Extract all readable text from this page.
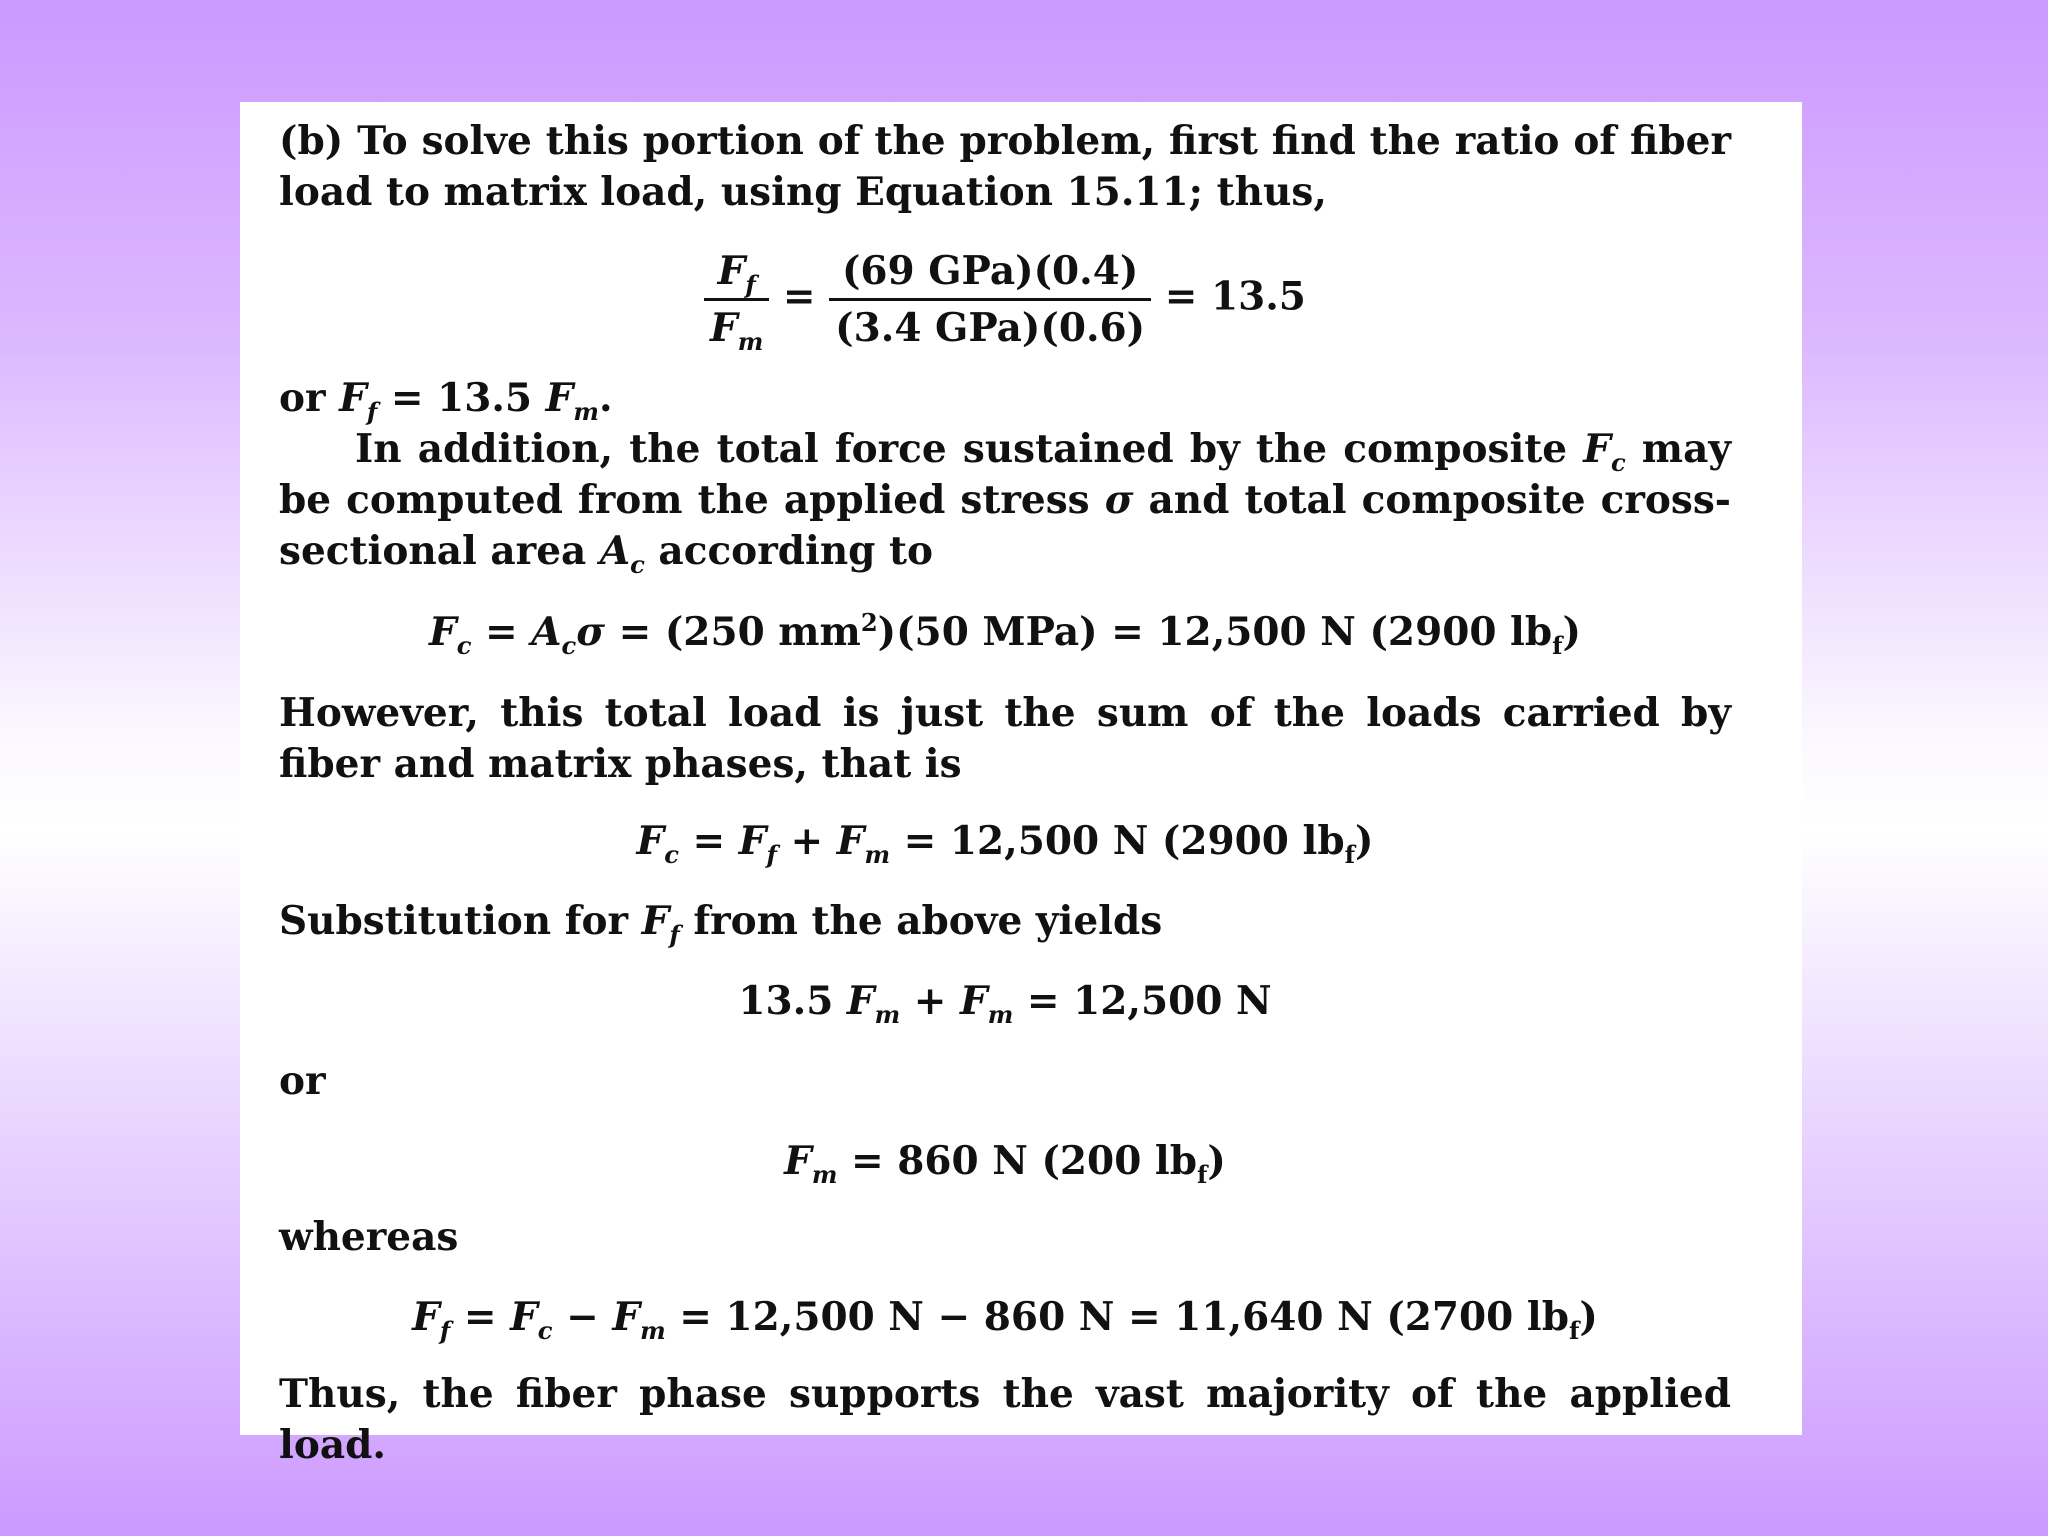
(b) To solve this portion of the problem, first find the ratio of fiber load to matrix load, using Equation 15.11; thus,

$\frac{F_f}{F_m} = \frac{\text{(69 GPa)(0.4)}}{\text{(3.4 GPa)(0.6)}} = 13.5$

or $F_f = 13.5$ $F_m$.

In addition, the total force sustained by the composite $F_c$ may be computed from the applied stress σ and total composite cross-sectional area $A_c$ according to

$F_c = A_c\sigma = (250$ $mm^2)(50$ MPa) = 12,500 N (2900 $lb_f$)

However, this total load is just the sum of the loads carried by fiber and matrix phases, that is

$F_c = F_f + F_m = 12,500$ N (2900 $lb_f$)

Substitution for $F_f$ from the above yields

13.5 $F_m + F_m = 12,500$ N

or

$F_m = 860$ N (200 $lb_f$)

whereas

$F_f = F_c - F_m = 12,500$ N − 860 N = 11,640 N (2700 $lb_f$)

Thus, the fiber phase supports the vast majority of the applied load.
